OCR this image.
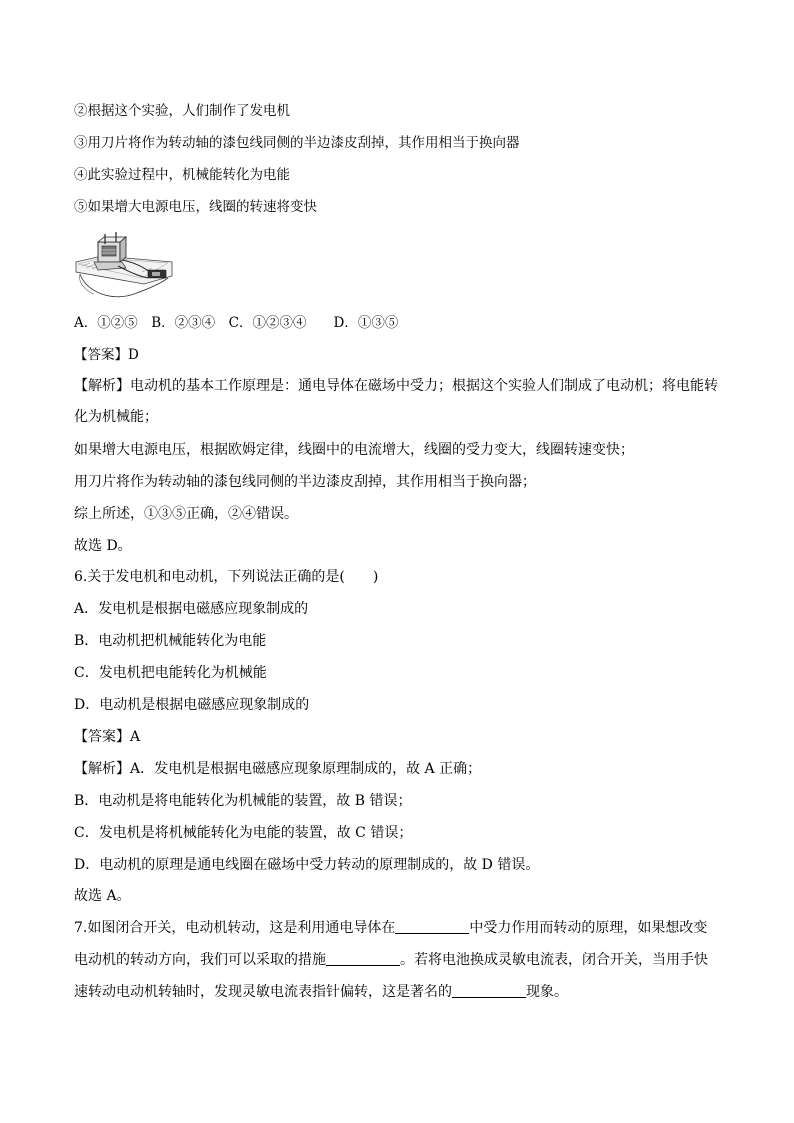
②根据这个实验，人们制作了发电机
③用刀片将作为转动轴的漆包线同侧的半边漆皮刮掉，其作用相当于换向器
④此实验过程中，机械能转化为电能
⑤如果增大电源电压，线圈的转速将变快
A．①②⑤　B．②③④　C．①②③④　　D．①③⑤
【答案】D
【解析】电动机的基本工作原理是：通电导体在磁场中受力；根据这个实验人们制成了电动机；将电能转
化为机械能；
如果增大电源电压，根据欧姆定律，线圈中的电流增大，线圈的受力变大，线圈转速变快；
用刀片将作为转动轴的漆包线同侧的半边漆皮刮掉，其作用相当于换向器；
综上所述，①③⑤正确，②④错误。
故选 D。
6.关于发电机和电动机，下列说法正确的是(　　)
A．发电机是根据电磁感应现象制成的
B．电动机把机械能转化为电能
C．发电机把电能转化为机械能
D．电动机是根据电磁感应现象制成的
【答案】A
【解析】A．发电机是根据电磁感应现象原理制成的，故 A 正确；
B．电动机是将电能转化为机械能的装置，故 B 错误；
C．发电机是将机械能转化为电能的装置，故 C 错误；
D．电动机的原理是通电线圈在磁场中受力转动的原理制成的，故 D 错误。
故选 A。
7.如图闭合开关，电动机转动，这是利用通电导体在	中受力作用而转动的原理，如果想改变
电动机的转动方向，我们可以采取的措施	。若将电池换成灵敏电流表，闭合开关，当用手快
速转动电动机转轴时，发现灵敏电流表指针偏转，这是著名的	现象。
